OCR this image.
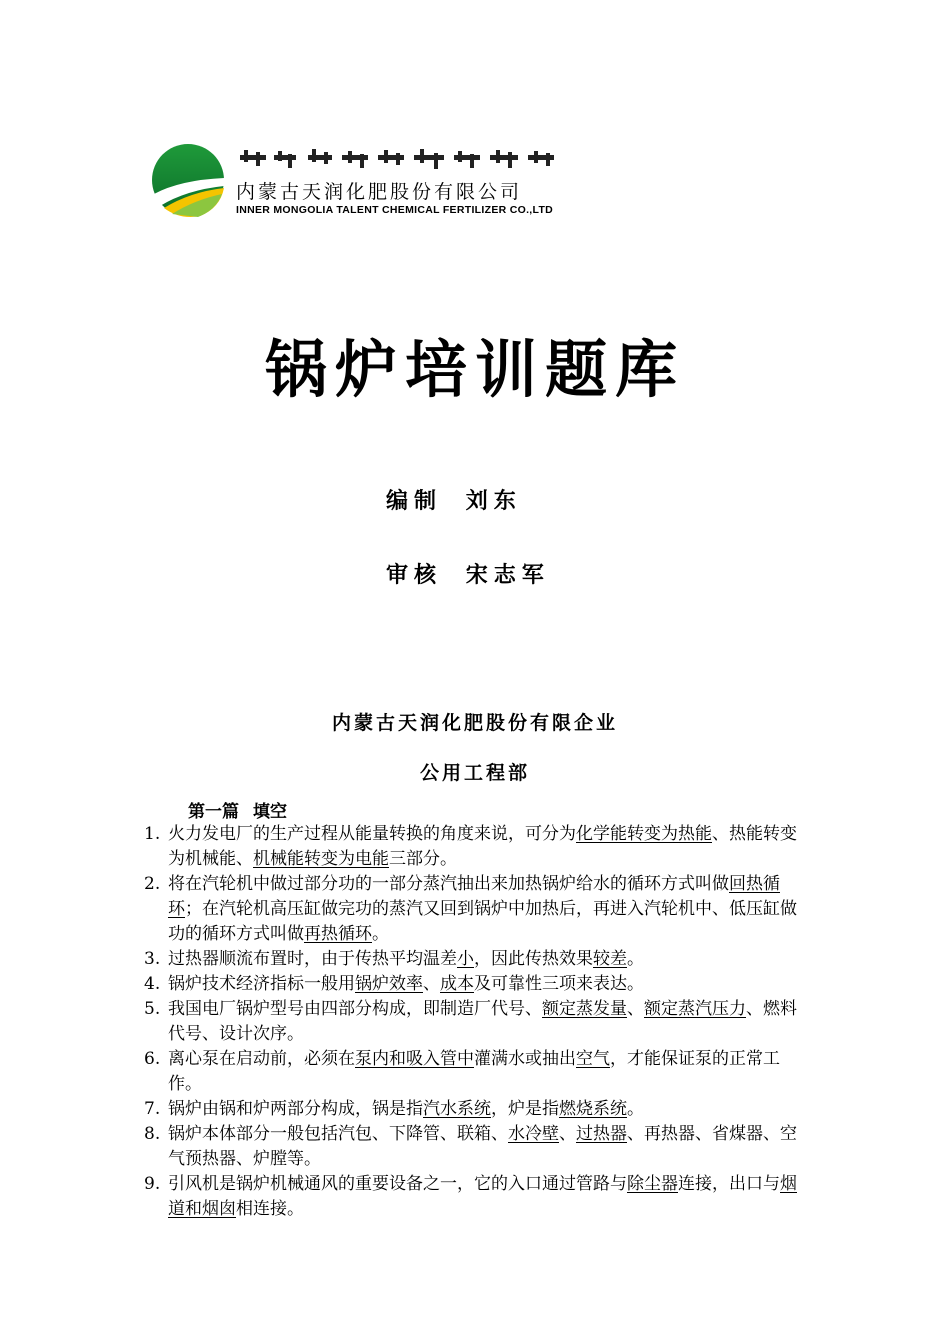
内蒙古天润化肥股份有限公司
INNER MONGOLIA TALENT CHEMICAL FERTILIZER CO.,LTD
锅炉培训题库
编制 刘东
审核 宋志军
内蒙古天润化肥股份有限企业
公用工程部
第一篇 填空
1. 火力发电厂的生产过程从能量转换的角度来说，可分为化学能转变为热能、热能转变为机械能、机械能转变为电能三部分。
2. 将在汽轮机中做过部分功的一部分蒸汽抽出来加热锅炉给水的循环方式叫做回热循环；在汽轮机高压缸做完功的蒸汽又回到锅炉中加热后，再进入汽轮机中、低压缸做功的循环方式叫做再热循环。
3. 过热器顺流布置时，由于传热平均温差小，因此传热效果较差。
4. 锅炉技术经济指标一般用锅炉效率、成本及可靠性三项来表达。
5. 我国电厂锅炉型号由四部分构成，即制造厂代号、额定蒸发量、额定蒸汽压力、燃料代号、设计次序。
6. 离心泵在启动前，必须在泵内和吸入管中灌满水或抽出空气，才能保证泵的正常工作。
7. 锅炉由锅和炉两部分构成，锅是指汽水系统，炉是指燃烧系统。
8. 锅炉本体部分一般包括汽包、下降管、联箱、水冷壁、过热器、再热器、省煤器、空气预热器、炉膛等。
9. 引风机是锅炉机械通风的重要设备之一，它的入口通过管路与除尘器连接，出口与烟道和烟囱相连接。
